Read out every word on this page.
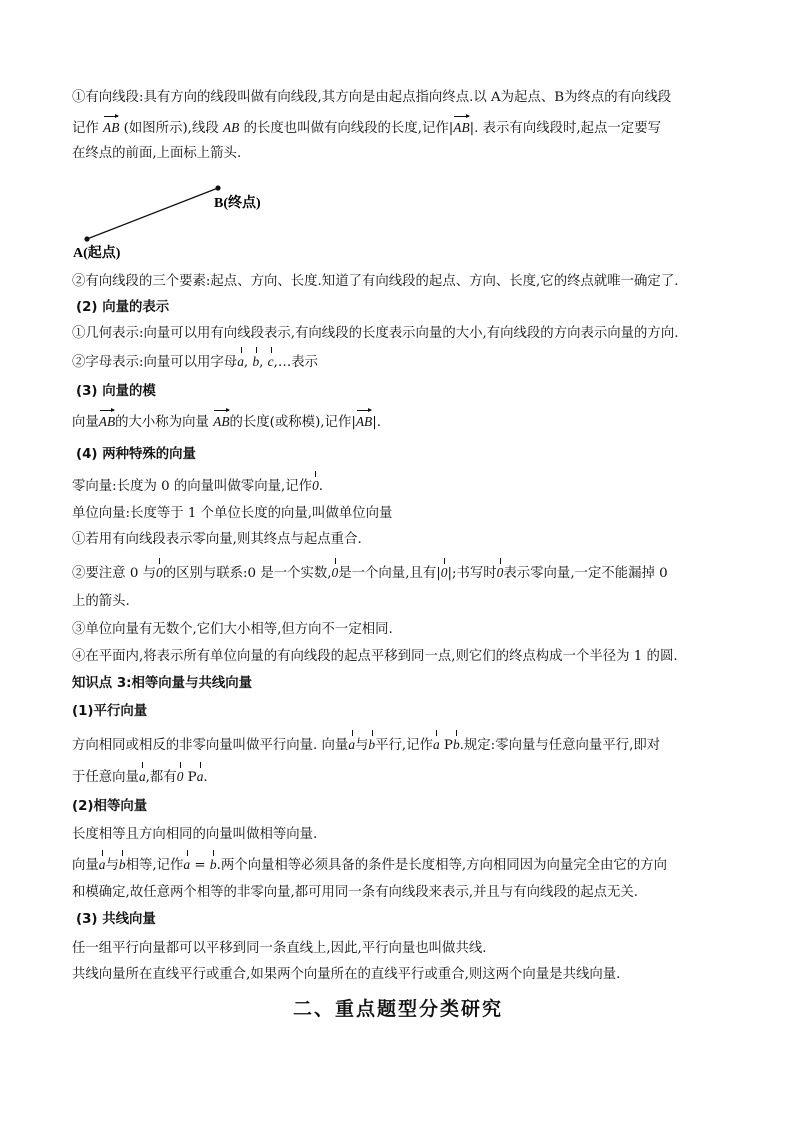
①有向线段:具有方向的线段叫做有向线段,其方向是由起点指向终点.以 A为起点、B为终点的有向线段
记作 AB (如图所示),线段 AB 的长度也叫做有向线段的长度,记作|AB|. 表示有向线段时,起点一定要写
在终点的前面,上面标上箭头.
B(终点)
A(起点)
②有向线段的三个要素:起点、方向、长度.知道了有向线段的起点、方向、长度,它的终点就唯一确定了.
(2) 向量的表示
①几何表示:向量可以用有向线段表示,有向线段的长度表示向量的大小,有向线段的方向表示向量的方向.
②字母表示:向量可以用字母a, b, c,…表示
(3) 向量的模
向量AB的大小称为向量 AB的长度(或称模),记作|AB|.
(4) 两种特殊的向量
零向量:长度为 0 的向量叫做零向量,记作0.
单位向量:长度等于 1 个单位长度的向量,叫做单位向量
①若用有向线段表示零向量,则其终点与起点重合.
②要注意 0 与0的区别与联系:0 是一个实数,0是一个向量,且有|0|;书写时0表示零向量,一定不能漏掉 0
上的箭头.
③单位向量有无数个,它们大小相等,但方向不一定相同.
④在平面内,将表示所有单位向量的有向线段的起点平移到同一点,则它们的终点构成一个半径为 1 的圆.
知识点 3:相等向量与共线向量
(1)平行向量
方向相同或相反的非零向量叫做平行向量. 向量a与b平行,记作a Pb.规定:零向量与任意向量平行,即对
于任意向量a,都有0 Pa.
(2)相等向量
长度相等且方向相同的向量叫做相等向量.
向量a与b相等,记作a = b.两个向量相等必须具备的条件是长度相等,方向相同因为向量完全由它的方向
和模确定,故任意两个相等的非零向量,都可用同一条有向线段来表示,并且与有向线段的起点无关.
(3) 共线向量
任一组平行向量都可以平移到同一条直线上,因此,平行向量也叫做共线.
共线向量所在直线平行或重合,如果两个向量所在的直线平行或重合,则这两个向量是共线向量.
二、重点题型分类研究
